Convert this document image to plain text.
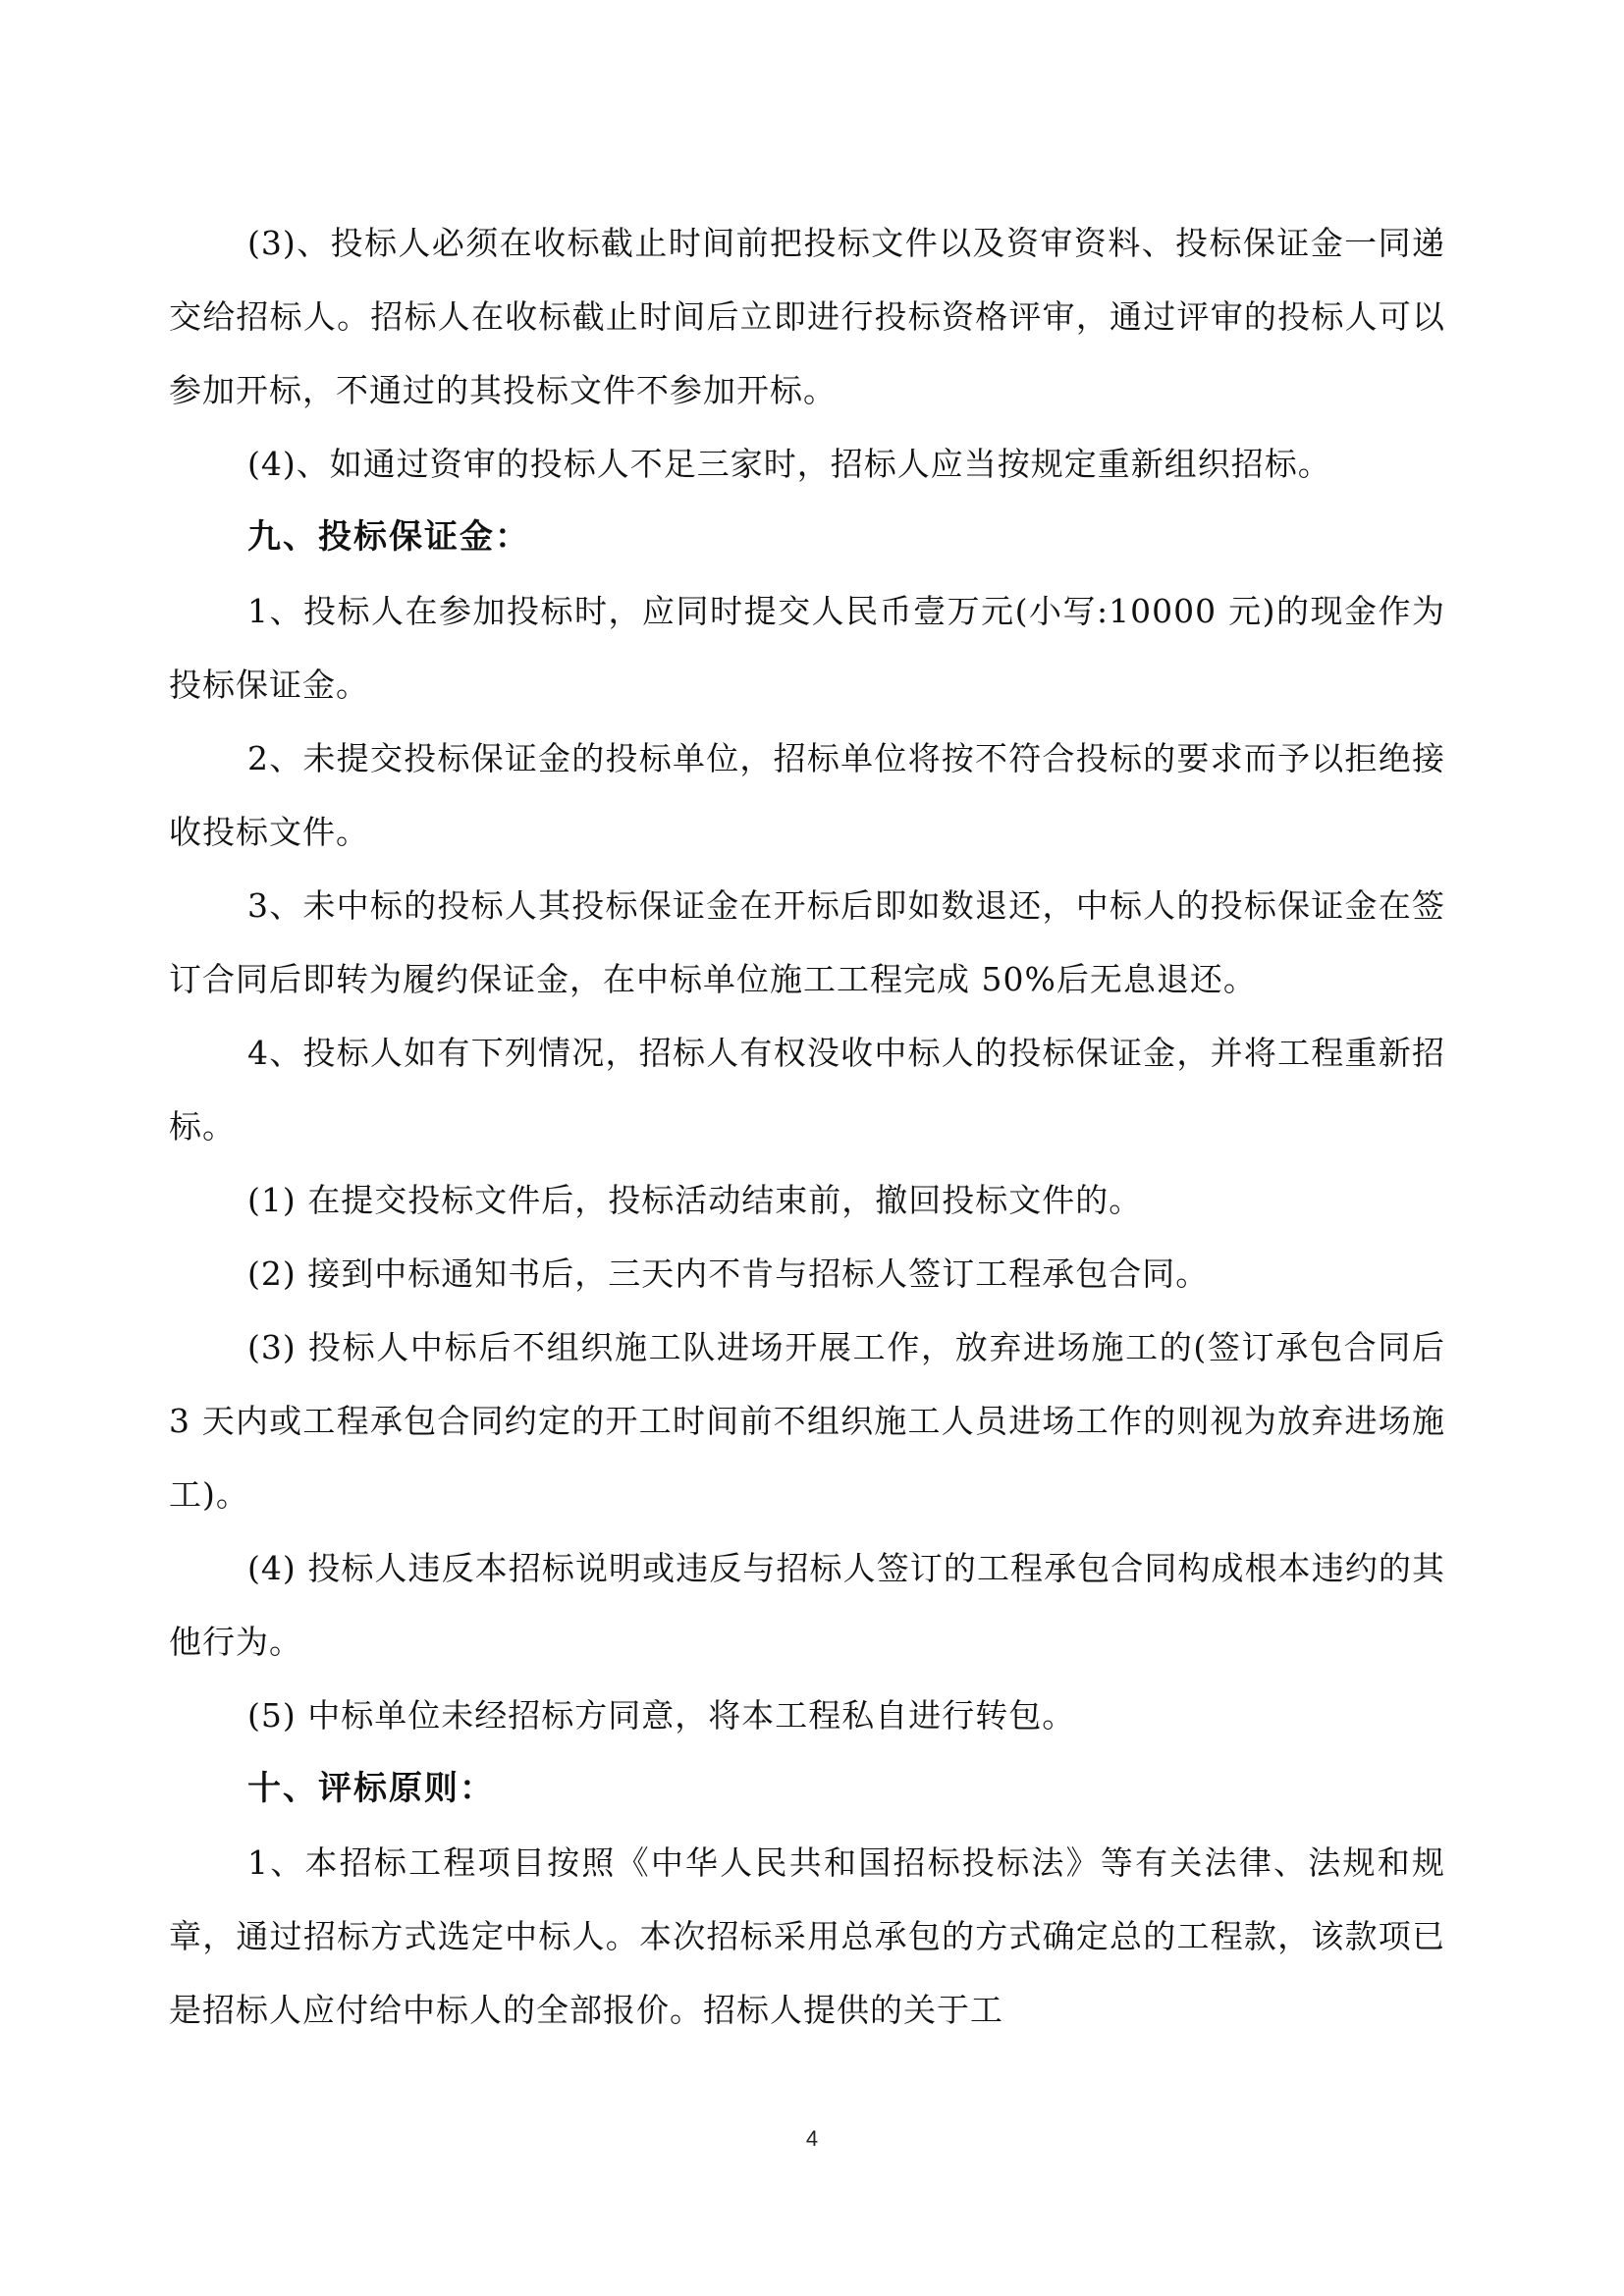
(3)、投标人必须在收标截止时间前把投标文件以及资审资料、投标保证金一同递交给招标人。招标人在收标截止时间后立即进行投标资格评审，通过评审的投标人可以参加开标，不通过的其投标文件不参加开标。

(4)、如通过资审的投标人不足三家时，招标人应当按规定重新组织招标。

九、投标保证金：

1、投标人在参加投标时，应同时提交人民币壹万元(小写:10000 元)的现金作为投标保证金。

2、未提交投标保证金的投标单位，招标单位将按不符合投标的要求而予以拒绝接收投标文件。

3、未中标的投标人其投标保证金在开标后即如数退还，中标人的投标保证金在签订合同后即转为履约保证金，在中标单位施工工程完成 50%后无息退还。

4、投标人如有下列情况，招标人有权没收中标人的投标保证金，并将工程重新招标。

(1) 在提交投标文件后，投标活动结束前，撤回投标文件的。

(2) 接到中标通知书后，三天内不肯与招标人签订工程承包合同。

(3) 投标人中标后不组织施工队进场开展工作，放弃进场施工的(签订承包合同后 3 天内或工程承包合同约定的开工时间前不组织施工人员进场工作的则视为放弃进场施工)。

(4) 投标人违反本招标说明或违反与招标人签订的工程承包合同构成根本违约的其他行为。

(5) 中标单位未经招标方同意，将本工程私自进行转包。

十、评标原则：

1、本招标工程项目按照《中华人民共和国招标投标法》等有关法律、法规和规章，通过招标方式选定中标人。本次招标采用总承包的方式确定总的工程款，该款项已是招标人应付给中标人的全部报价。招标人提供的关于工

4
